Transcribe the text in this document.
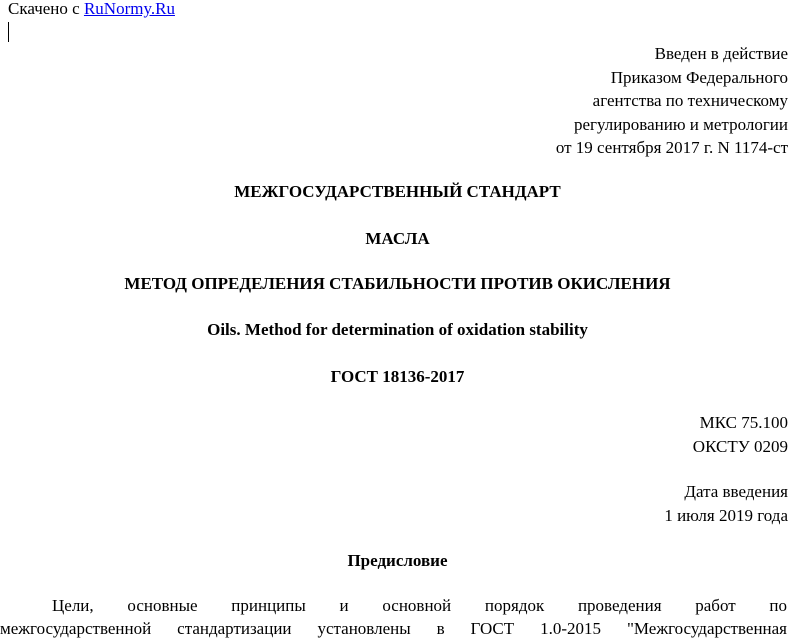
Скачено с RuNormy.Ru
Введен в действие
Приказом Федерального
агентства по техническому
регулированию и метрологии
от 19 сентября 2017 г. N 1174-ст
МЕЖГОСУДАРСТВЕННЫЙ СТАНДАРТ
МАСЛА
МЕТОД ОПРЕДЕЛЕНИЯ СТАБИЛЬНОСТИ ПРОТИВ ОКИСЛЕНИЯ
Oils. Method for determination of oxidation stability
ГОСТ 18136-2017
МКС 75.100
ОКСТУ 0209
Дата введения
1 июля 2019 года
Предисловие
Цели, основные принципы и основной порядок проведения работ по
межгосударственной стандартизации установлены в ГОСТ 1.0-2015 "Межгосударственная
